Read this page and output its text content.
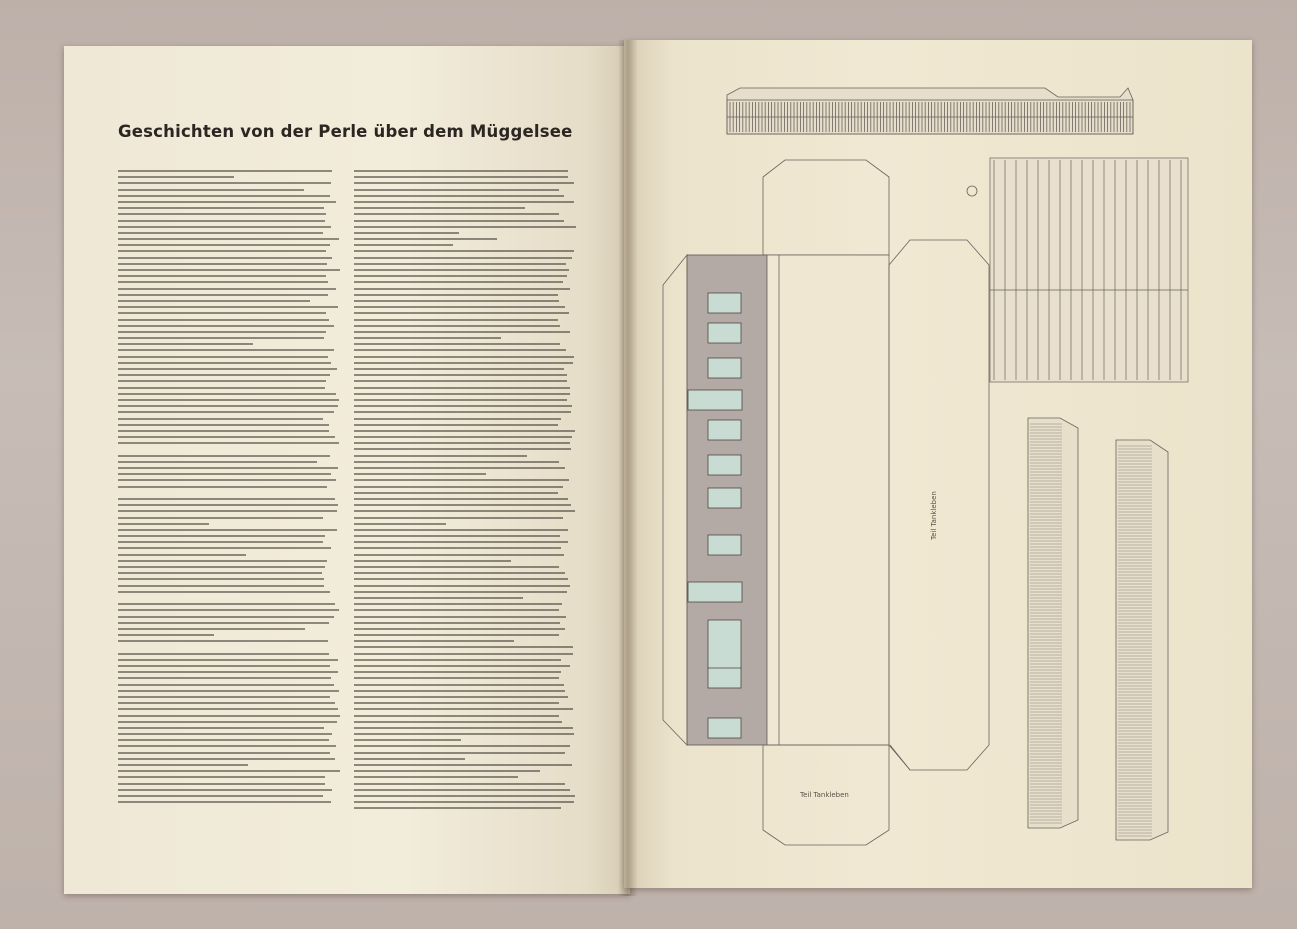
Geschichten von der Perle über dem Müggelsee
Teil Tankleben
Teil Tankleben
